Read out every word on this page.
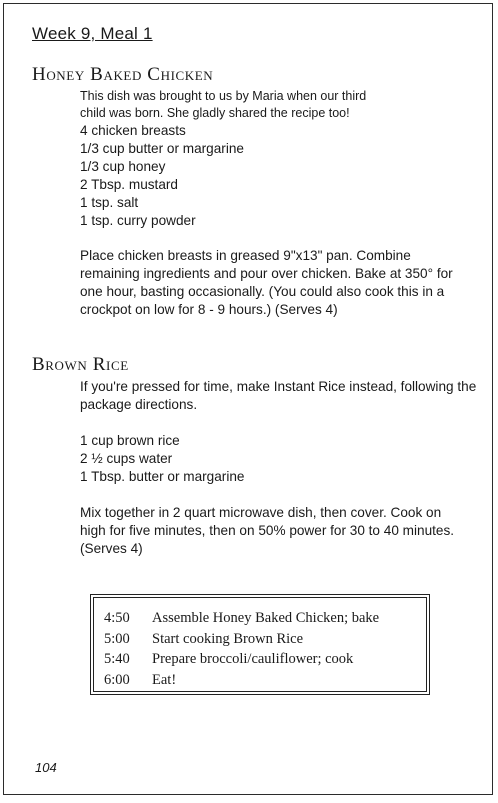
Week 9, Meal 1
Honey Baked Chicken
This dish was brought to us by Maria when our third child was born. She gladly shared the recipe too!
4 chicken breasts
1/3 cup butter or margarine
1/3 cup honey
2 Tbsp. mustard
1 tsp. salt
1 tsp. curry powder

Place chicken breasts in greased 9"x13" pan. Combine remaining ingredients and pour over chicken. Bake at 350° for one hour, basting occasionally. (You could also cook this in a crockpot on low for 8 - 9 hours.) (Serves 4)

Brown Rice

If you're pressed for time, make Instant Rice instead, following the package directions.

1 cup brown rice
2 ½ cups water
1 Tbsp. butter or margarine

Mix together in 2 quart microwave dish, then cover. Cook on high for five minutes, then on 50% power for 30 to 40 minutes. (Serves 4)

4:50 Assemble Honey Baked Chicken; bake
5:00 Start cooking Brown Rice
5:40 Prepare broccoli/cauliflower; cook
6:00 Eat!
104
